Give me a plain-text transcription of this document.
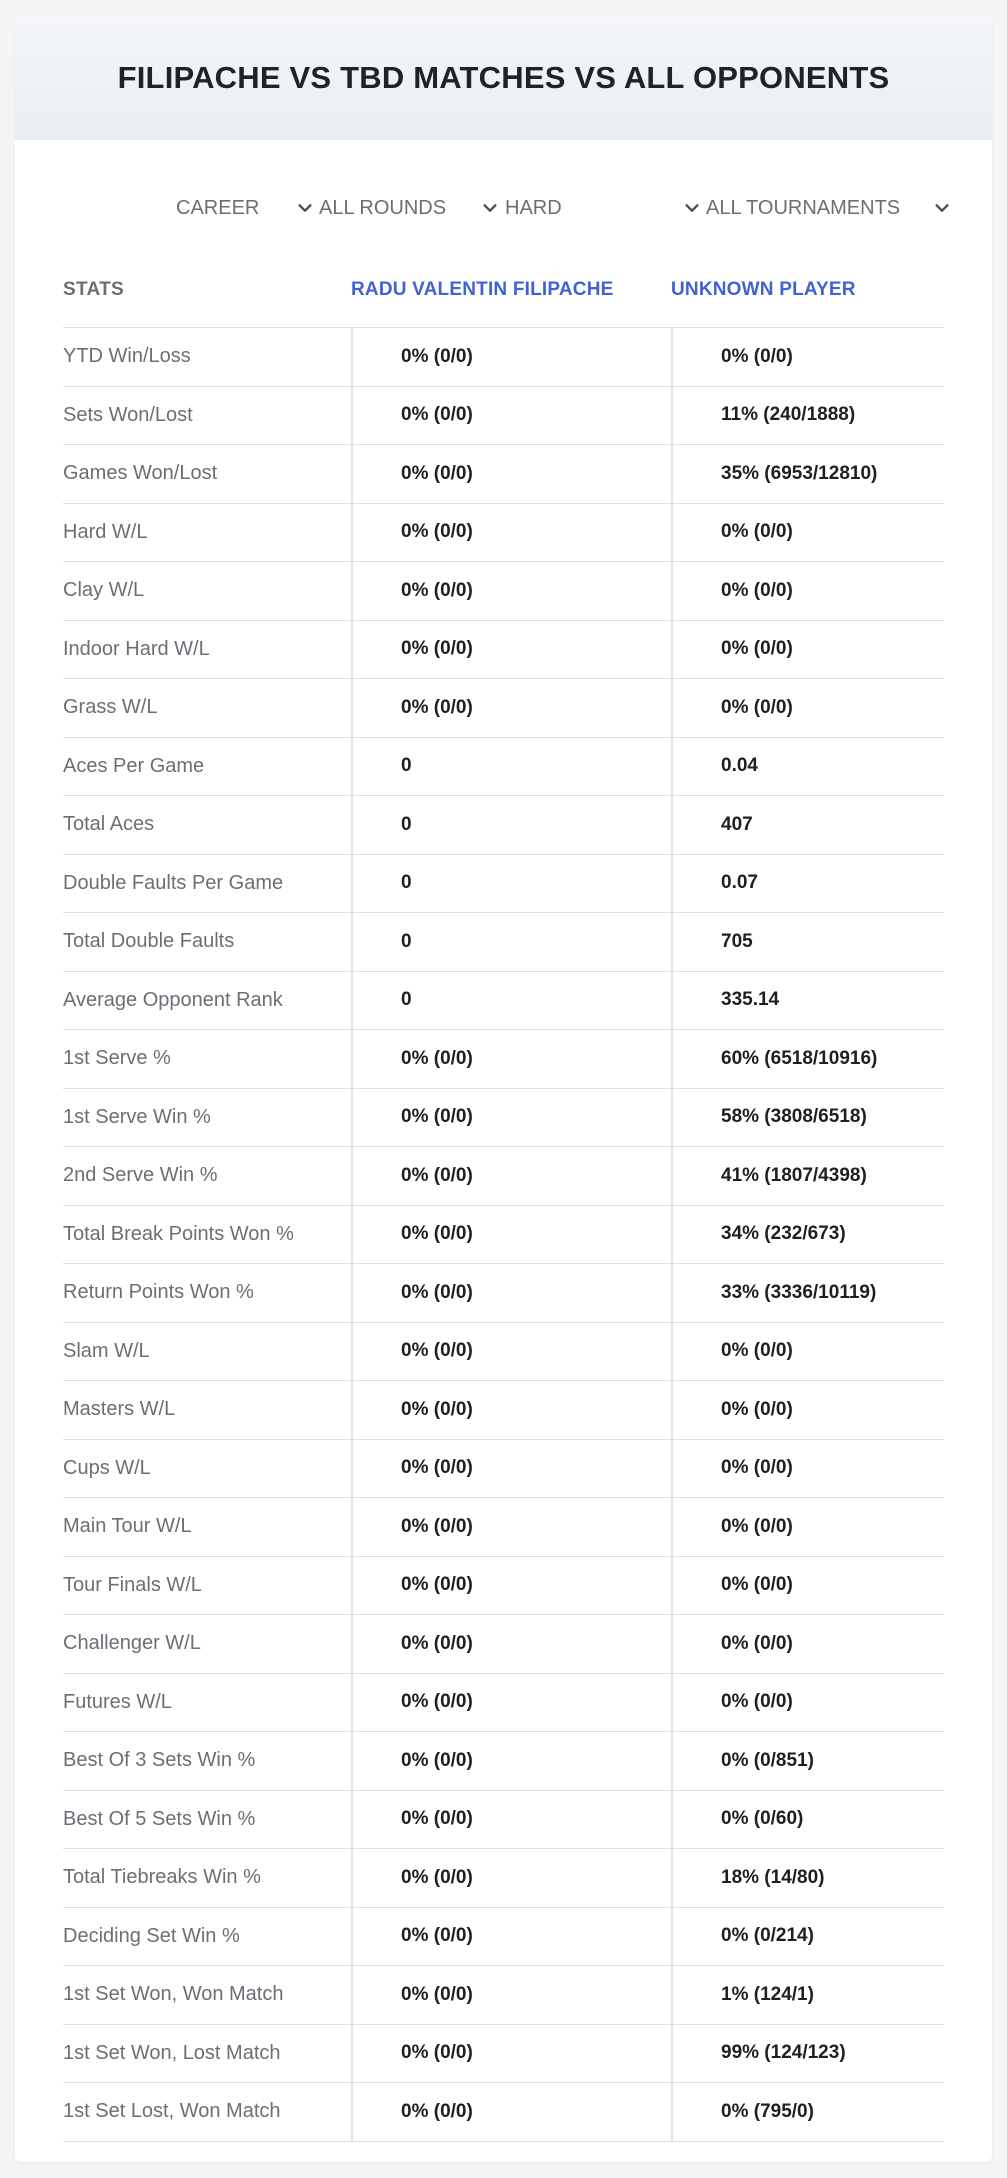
FILIPACHE VS TBD MATCHES VS ALL OPPONENTS
CAREER	ALL ROUNDS	HARD	ALL TOURNAMENTS
STATS	RADU VALENTIN FILIPACHE	UNKNOWN PLAYER
YTD Win/Loss	0% (0/0)	0% (0/0)
Sets Won/Lost	0% (0/0)	11% (240/1888)
Games Won/Lost	0% (0/0)	35% (6953/12810)
Hard W/L	0% (0/0)	0% (0/0)
Clay W/L	0% (0/0)	0% (0/0)
Indoor Hard W/L	0% (0/0)	0% (0/0)
Grass W/L	0% (0/0)	0% (0/0)
Aces Per Game	0	0.04
Total Aces	0	407
Double Faults Per Game	0	0.07
Total Double Faults	0	705
Average Opponent Rank	0	335.14
1st Serve %	0% (0/0)	60% (6518/10916)
1st Serve Win %	0% (0/0)	58% (3808/6518)
2nd Serve Win %	0% (0/0)	41% (1807/4398)
Total Break Points Won %	0% (0/0)	34% (232/673)
Return Points Won %	0% (0/0)	33% (3336/10119)
Slam W/L	0% (0/0)	0% (0/0)
Masters W/L	0% (0/0)	0% (0/0)
Cups W/L	0% (0/0)	0% (0/0)
Main Tour W/L	0% (0/0)	0% (0/0)
Tour Finals W/L	0% (0/0)	0% (0/0)
Challenger W/L	0% (0/0)	0% (0/0)
Futures W/L	0% (0/0)	0% (0/0)
Best Of 3 Sets Win %	0% (0/0)	0% (0/851)
Best Of 5 Sets Win %	0% (0/0)	0% (0/60)
Total Tiebreaks Win %	0% (0/0)	18% (14/80)
Deciding Set Win %	0% (0/0)	0% (0/214)
1st Set Won, Won Match	0% (0/0)	1% (124/1)
1st Set Won, Lost Match	0% (0/0)	99% (124/123)
1st Set Lost, Won Match	0% (0/0)	0% (795/0)
